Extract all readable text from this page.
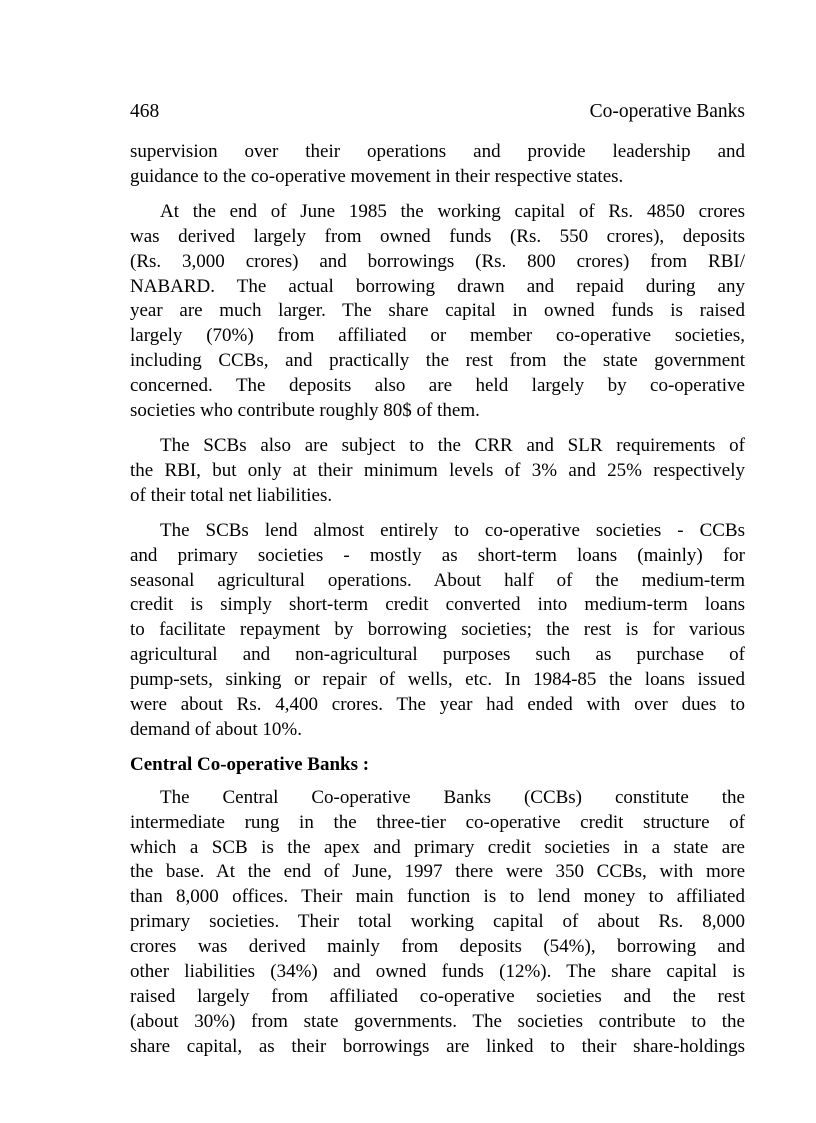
468	Co-operative Banks
supervision over their operations and provide leadership and
guidance to the co-operative movement in their respective states.
At the end of June 1985 the working capital of Rs. 4850 crores
was derived largely from owned funds (Rs. 550 crores), deposits
(Rs. 3,000 crores) and borrowings (Rs. 800 crores) from RBI/
NABARD. The actual borrowing drawn and repaid during any
year are much larger. The share capital in owned funds is raised
largely (70%) from affiliated or member co-operative societies,
including CCBs, and practically the rest from the state government
concerned. The deposits also are held largely by co-operative
societies who contribute roughly 80$ of them.
The SCBs also are subject to the CRR and SLR requirements of
the RBI, but only at their minimum levels of 3% and 25% respectively
of their total net liabilities.
The SCBs lend almost entirely to co-operative societies - CCBs
and primary societies - mostly as short-term loans (mainly) for
seasonal agricultural operations. About half of the medium-term
credit is simply short-term credit converted into medium-term loans
to facilitate repayment by borrowing societies; the rest is for various
agricultural and non-agricultural purposes such as purchase of
pump-sets, sinking or repair of wells, etc. In 1984-85 the loans issued
were about Rs. 4,400 crores. The year had ended with over dues to
demand of about 10%.
Central Co-operative Banks :
The Central Co-operative Banks (CCBs) constitute the
intermediate rung in the three-tier co-operative credit structure of
which a SCB is the apex and primary credit societies in a state are
the base. At the end of June, 1997 there were 350 CCBs, with more
than 8,000 offices. Their main function is to lend money to affiliated
primary societies. Their total working capital of about Rs. 8,000
crores was derived mainly from deposits (54%), borrowing and
other liabilities (34%) and owned funds (12%). The share capital is
raised largely from affiliated co-operative societies and the rest
(about 30%) from state governments. The societies contribute to the
share capital, as their borrowings are linked to their share-holdings
